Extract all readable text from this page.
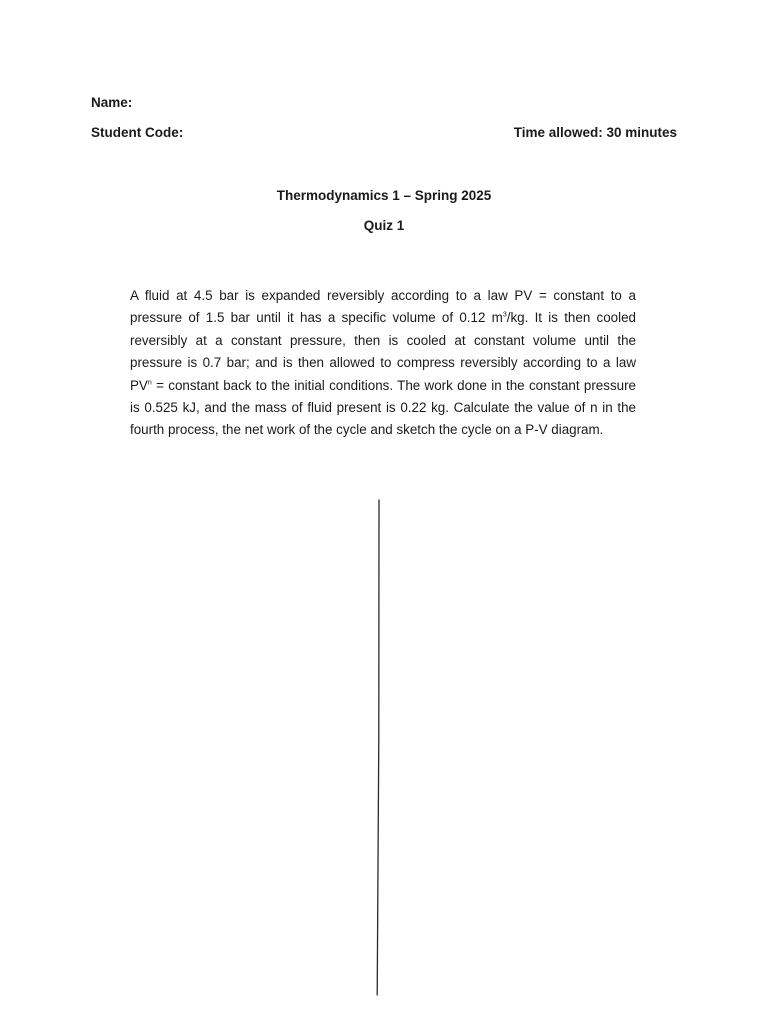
Name:
Student Code:	Time allowed: 30 minutes
Thermodynamics 1 – Spring 2025
Quiz 1

A fluid at 4.5 bar is expanded reversibly according to a law PV = constant to a pressure of 1.5 bar until it has a specific volume of 0.12 $m^3/kg$. It is then cooled reversibly at a constant pressure, then is cooled at constant volume until the pressure is 0.7 bar; and is then allowed to compress reversibly according to a law $PV^n$ = constant back to the initial conditions. The work done in the constant pressure is 0.525 kJ, and the mass of fluid present is 0.22 kg. Calculate the value of n in the fourth process, the net work of the cycle and sketch the cycle on a P-V diagram.
